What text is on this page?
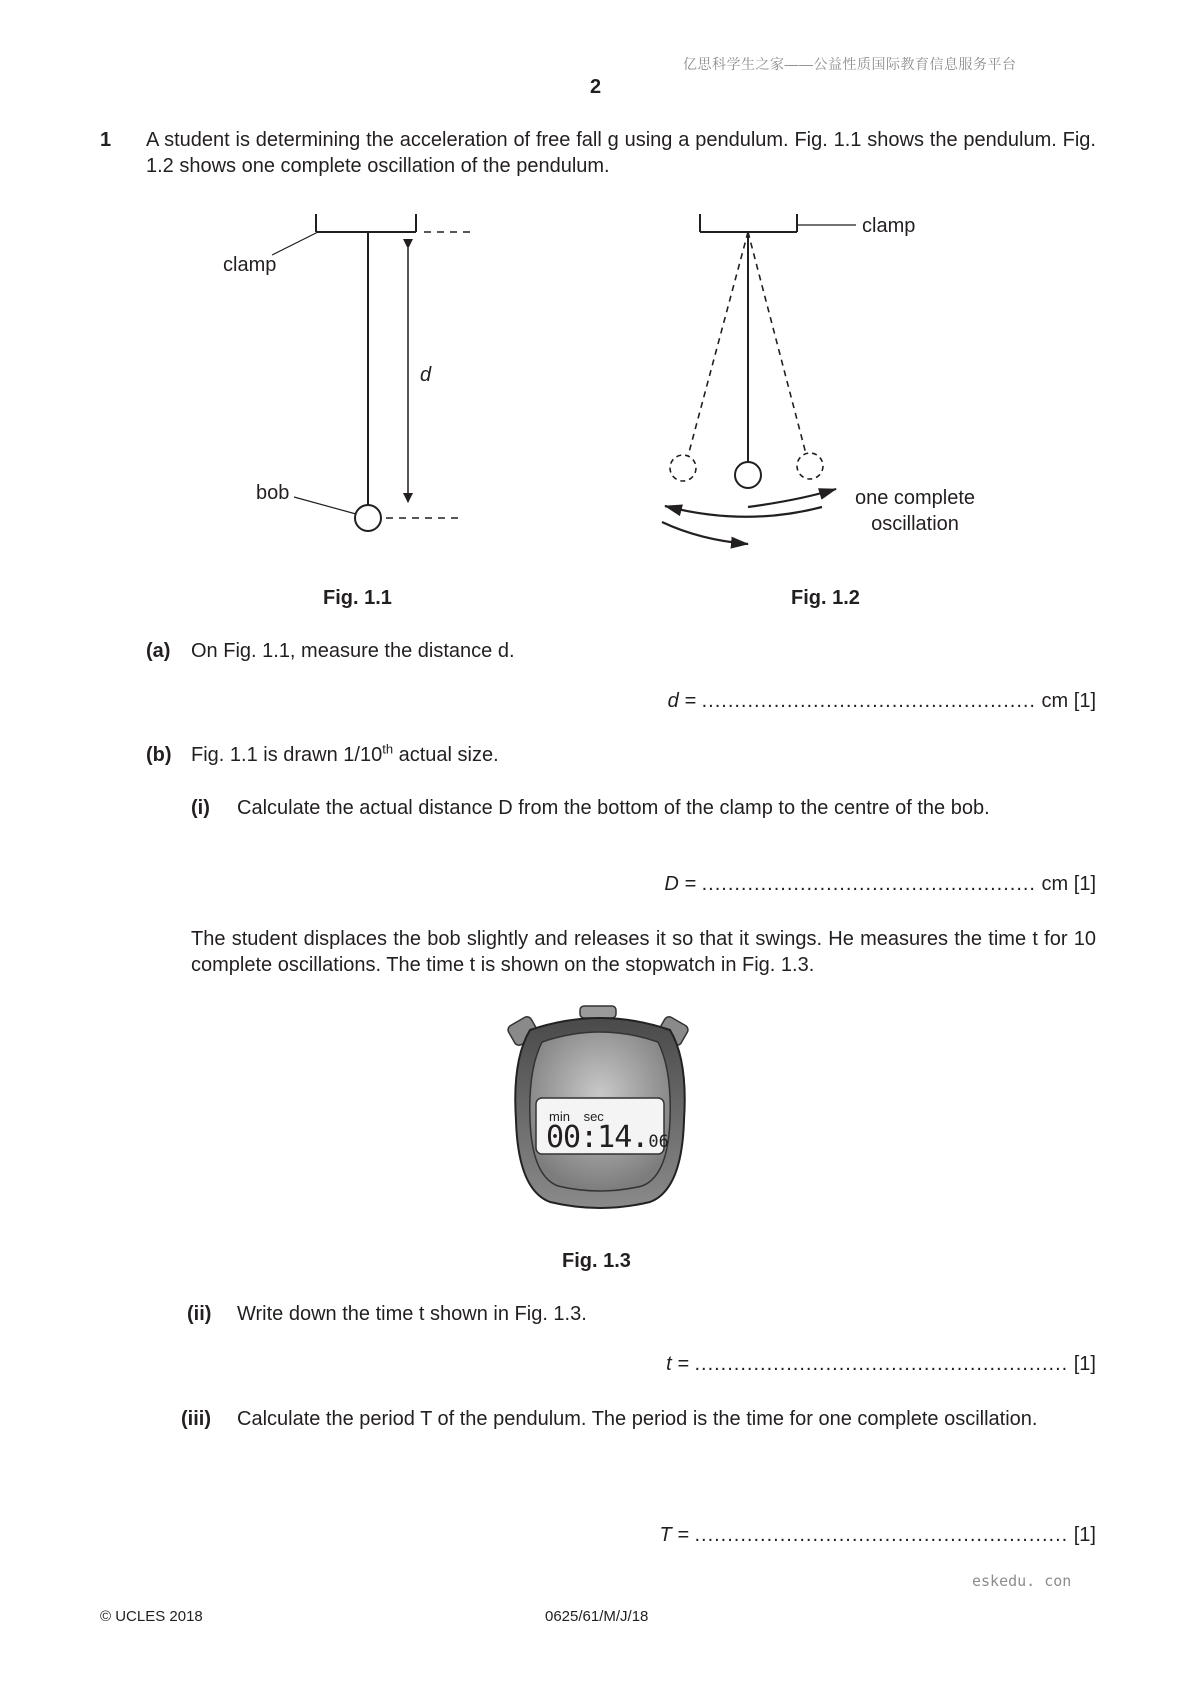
亿思科学生之家——公益性质国际教育信息服务平台
2
1 A student is determining the acceleration of free fall g using a pendulum. Fig. 1.1 shows the pendulum. Fig. 1.2 shows one complete oscillation of the pendulum.
clamp
bob
d
Fig. 1.1
clamp
one complete
oscillation
Fig. 1.2
(a) On Fig. 1.1, measure the distance d.
d = ................................................... cm [1]
(b) Fig. 1.1 is drawn 1/10th actual size.
(i) Calculate the actual distance D from the bottom of the clamp to the centre of the bob.
D = ................................................... cm [1]
The student displaces the bob slightly and releases it so that it swings. He measures the time t for 10 complete oscillations. The time t is shown on the stopwatch in Fig. 1.3.
min sec
00:14.06
Fig. 1.3
(ii) Write down the time t shown in Fig. 1.3.
t = ......................................................... [1]
(iii) Calculate the period T of the pendulum. The period is the time for one complete oscillation.
T = ......................................................... [1]
eskedu. con
© UCLES 2018	0625/61/M/J/18
